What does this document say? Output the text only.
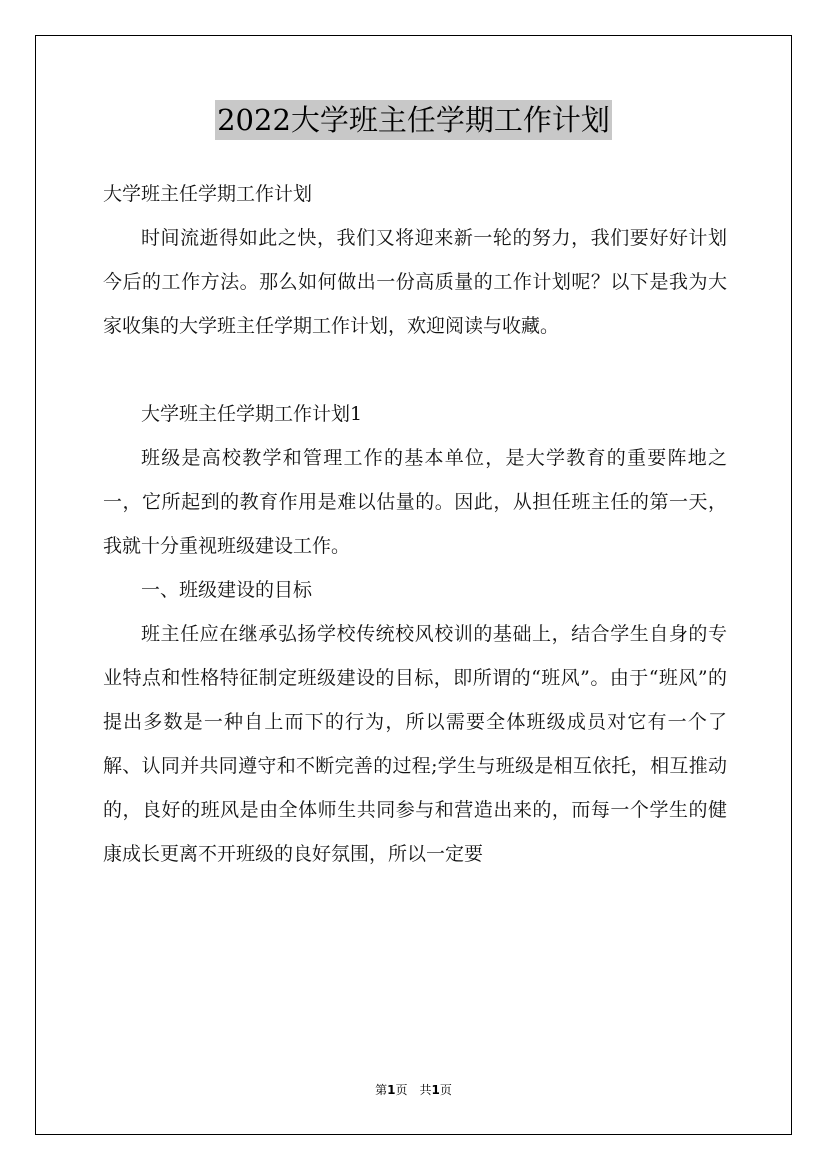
2022大学班主任学期工作计划

大学班主任学期工作计划

时间流逝得如此之快，我们又将迎来新一轮的努力，我们要好好计划今后的工作方法。那么如何做出一份高质量的工作计划呢？以下是我为大家收集的大学班主任学期工作计划，欢迎阅读与收藏。

大学班主任学期工作计划1

班级是高校教学和管理工作的基本单位，是大学教育的重要阵地之一，它所起到的教育作用是难以估量的。因此，从担任班主任的第一天，我就十分重视班级建设工作。

一、班级建设的目标

班主任应在继承弘扬学校传统校风校训的基础上，结合学生自身的专业特点和性格特征制定班级建设的目标，即所谓的“班风”。由于“班风”的提出多数是一种自上而下的行为，所以需要全体班级成员对它有一个了解、认同并共同遵守和不断完善的过程;学生与班级是相互依托，相互推动的，良好的班风是由全体师生共同参与和营造出来的，而每一个学生的健康成长更离不开班级的良好氛围，所以一定要

第1页　共1页
